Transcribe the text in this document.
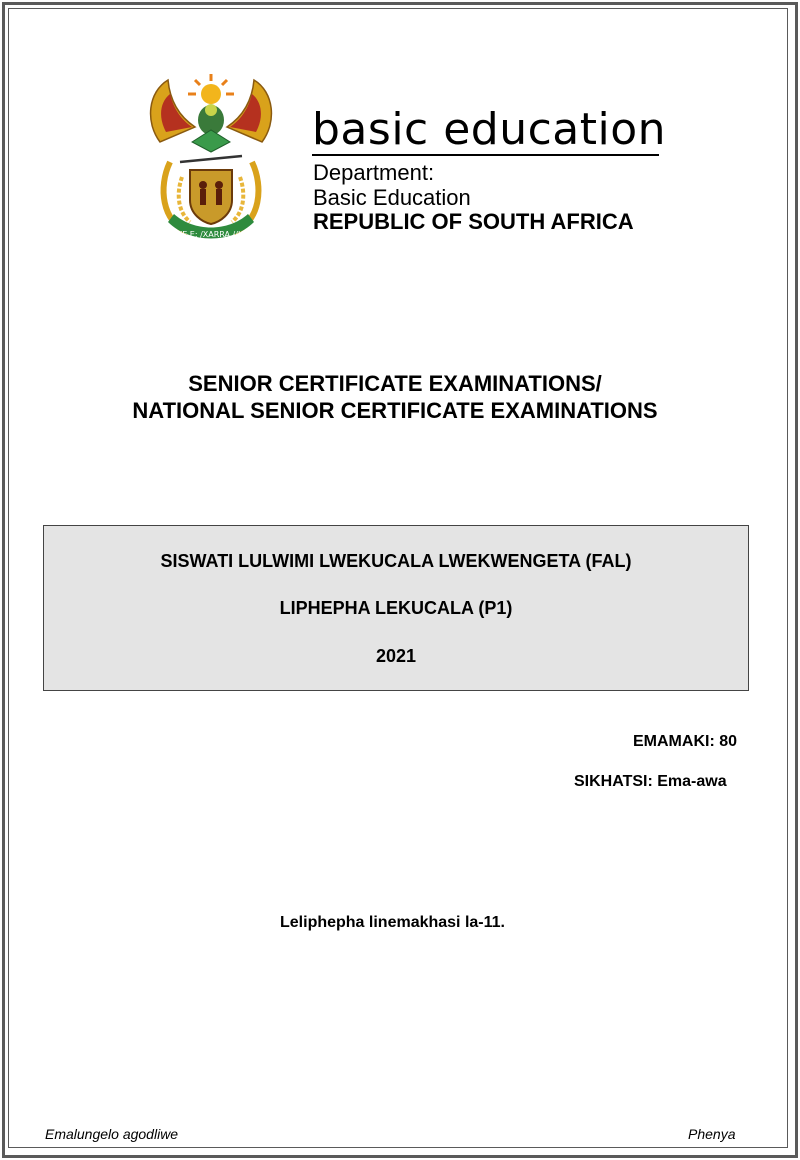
!KE E: /XARRA //KE
basic education
Department:
Basic Education
REPUBLIC OF SOUTH AFRICA
SENIOR CERTIFICATE EXAMINATIONS/
NATIONAL SENIOR CERTIFICATE EXAMINATIONS
SISWATI LULWIMI LWEKUCALA LWEKWENGETA (FAL)
LIPHEPHA LEKUCALA (P1)
2021
EMAMAKI: 80
SIKHATSI: Ema-awa
Leliphepha linemakhasi la-11.
Emalungelo agodliwe	Phenya
